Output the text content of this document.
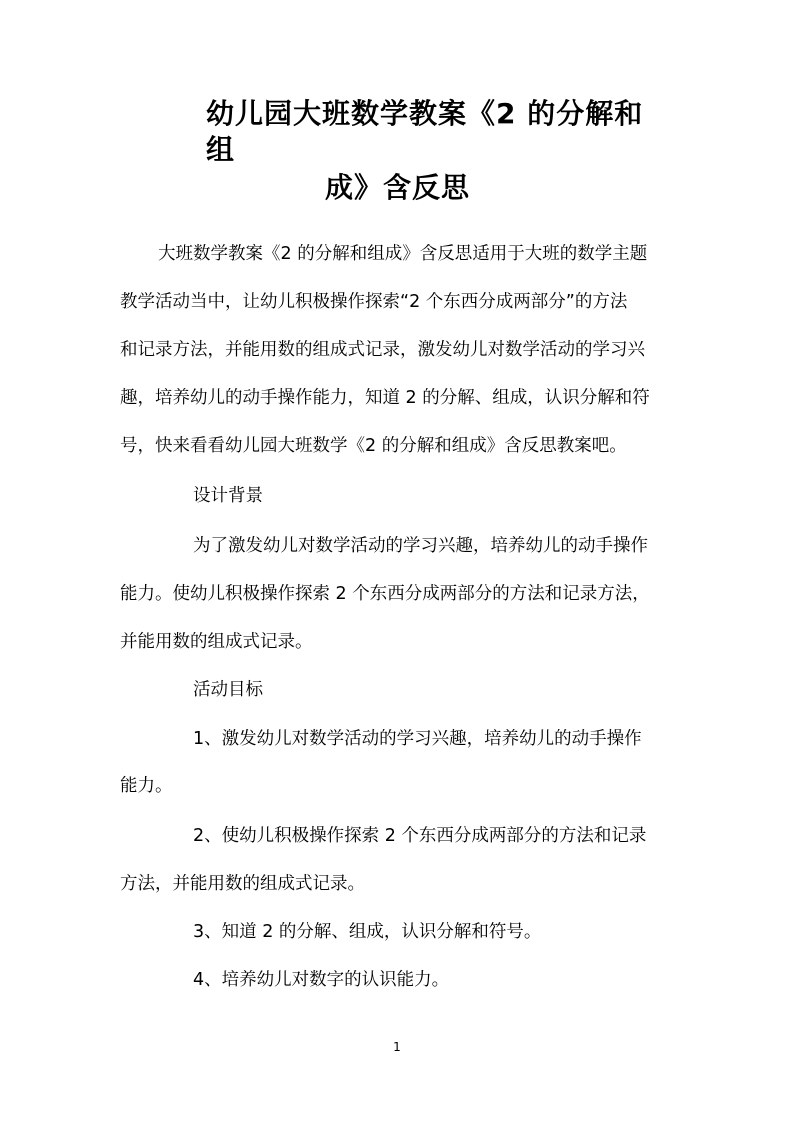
幼儿园大班数学教案《2 的分解和组
成》含反思
大班数学教案《2 的分解和组成》含反思适用于大班的数学主题
教学活动当中，让幼儿积极操作探索“2 个东西分成两部分”的方法
和记录方法，并能用数的组成式记录，激发幼儿对数学活动的学习兴
趣，培养幼儿的动手操作能力，知道 2 的分解、组成，认识分解和符
号，快来看看幼儿园大班数学《2 的分解和组成》含反思教案吧。
设计背景
为了激发幼儿对数学活动的学习兴趣，培养幼儿的动手操作
能力。使幼儿积极操作探索 2 个东西分成两部分的方法和记录方法，
并能用数的组成式记录。
活动目标
1、激发幼儿对数学活动的学习兴趣，培养幼儿的动手操作
能力。
2、使幼儿积极操作探索 2 个东西分成两部分的方法和记录
方法，并能用数的组成式记录。
3、知道 2 的分解、组成，认识分解和符号。
4、培养幼儿对数字的认识能力。
1
